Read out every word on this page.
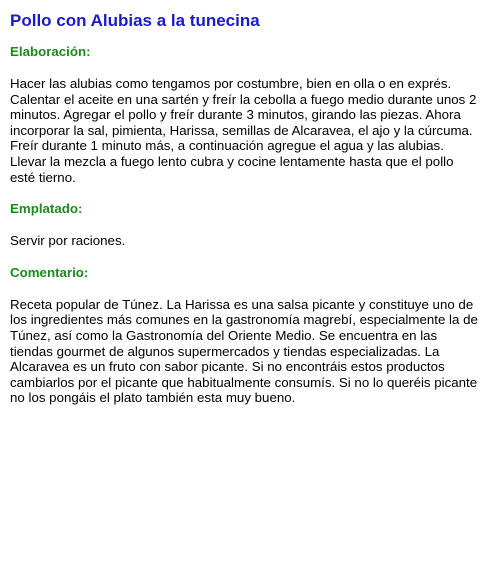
Pollo con Alubias a la tunecina
Elaboración:

Hacer las alubias como tengamos por costumbre, bien en olla o en exprés. Calentar el aceite en una sartén y freír la cebolla a fuego medio durante unos 2 minutos. Agregar el pollo y freír durante 3 minutos, girando las piezas. Ahora incorporar la sal, pimienta, Harissa, semillas de Alcaravea, el ajo y la cúrcuma. Freír durante 1 minuto más, a continuación agregue el agua y las alubias. Llevar la mezcla a fuego lento cubra y cocine lentamente hasta que el pollo esté tierno.

Emplatado:

Servir por raciones.

Comentario:

Receta popular de Túnez. La Harissa es una salsa picante y constituye uno de los ingredientes más comunes en la gastronomía magrebí, especialmente la de Túnez, así como la Gastronomía del Oriente Medio. Se encuentra en las tiendas gourmet de algunos supermercados y tiendas especializadas. La Alcaravea es un fruto con sabor picante. Si no encontráis estos productos cambiarlos por el picante que habitualmente consumís. Si no lo queréis picante no los pongáis el plato también esta muy bueno.
